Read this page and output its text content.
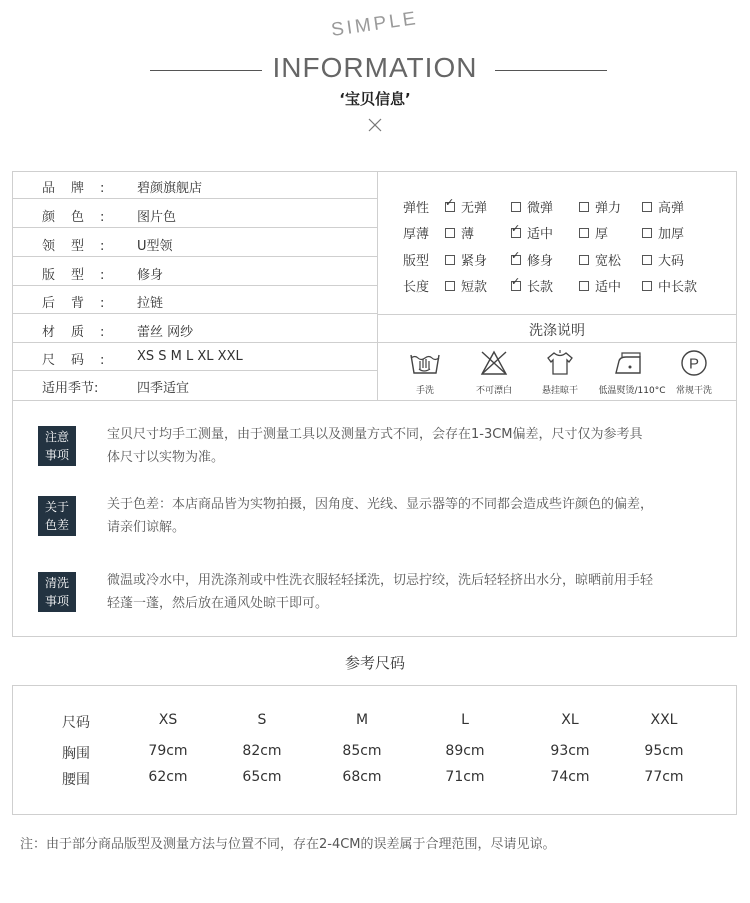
SIMPLE
INFORMATION
‘宝贝信息’
品牌: 碧颜旗舰店
颜色: 图片色
领型: U型领
版型: 修身
后背: 拉链
材质: 蕾丝 网纱
尺码: XS S M L XL XXL
适用季节:	四季适宜
弹性 ✓	无弹	微弹	弹力	高弹
厚薄	薄 ✓	适中	厚	加厚
版型	紧身 ✓	修身	宽松	大码
长度	短款 ✓	长款	适中	中长款
洗涤说明
手洗	不可漂白	悬挂晾干	低温熨烫/110°C
P
常规干洗
注意
事项
宝贝尺寸均手工测量，由于测量工具以及测量方式不同，会存在1-3CM偏差，尺寸仅为参考具
体尺寸以实物为准。
关于
色差
关于色差：本店商品皆为实物拍摄，因角度、光线、显示器等的不同都会造成些许颜色的偏差，
请亲们谅解。
清洗
事项
微温或冷水中，用洗涤剂或中性洗衣服轻轻揉洗，切忌拧绞，洗后轻轻挤出水分，晾晒前用手轻
轻蓬一蓬，然后放在通风处晾干即可。
参考尺码
尺码	XS	S	M	L	XL	XXL
胸围	79cm	82cm	85cm	89cm	93cm	95cm
腰围	62cm	65cm	68cm	71cm	74cm	77cm
注：由于部分商品版型及测量方法与位置不同，存在2-4CM的误差属于合理范围，尽请见谅。
